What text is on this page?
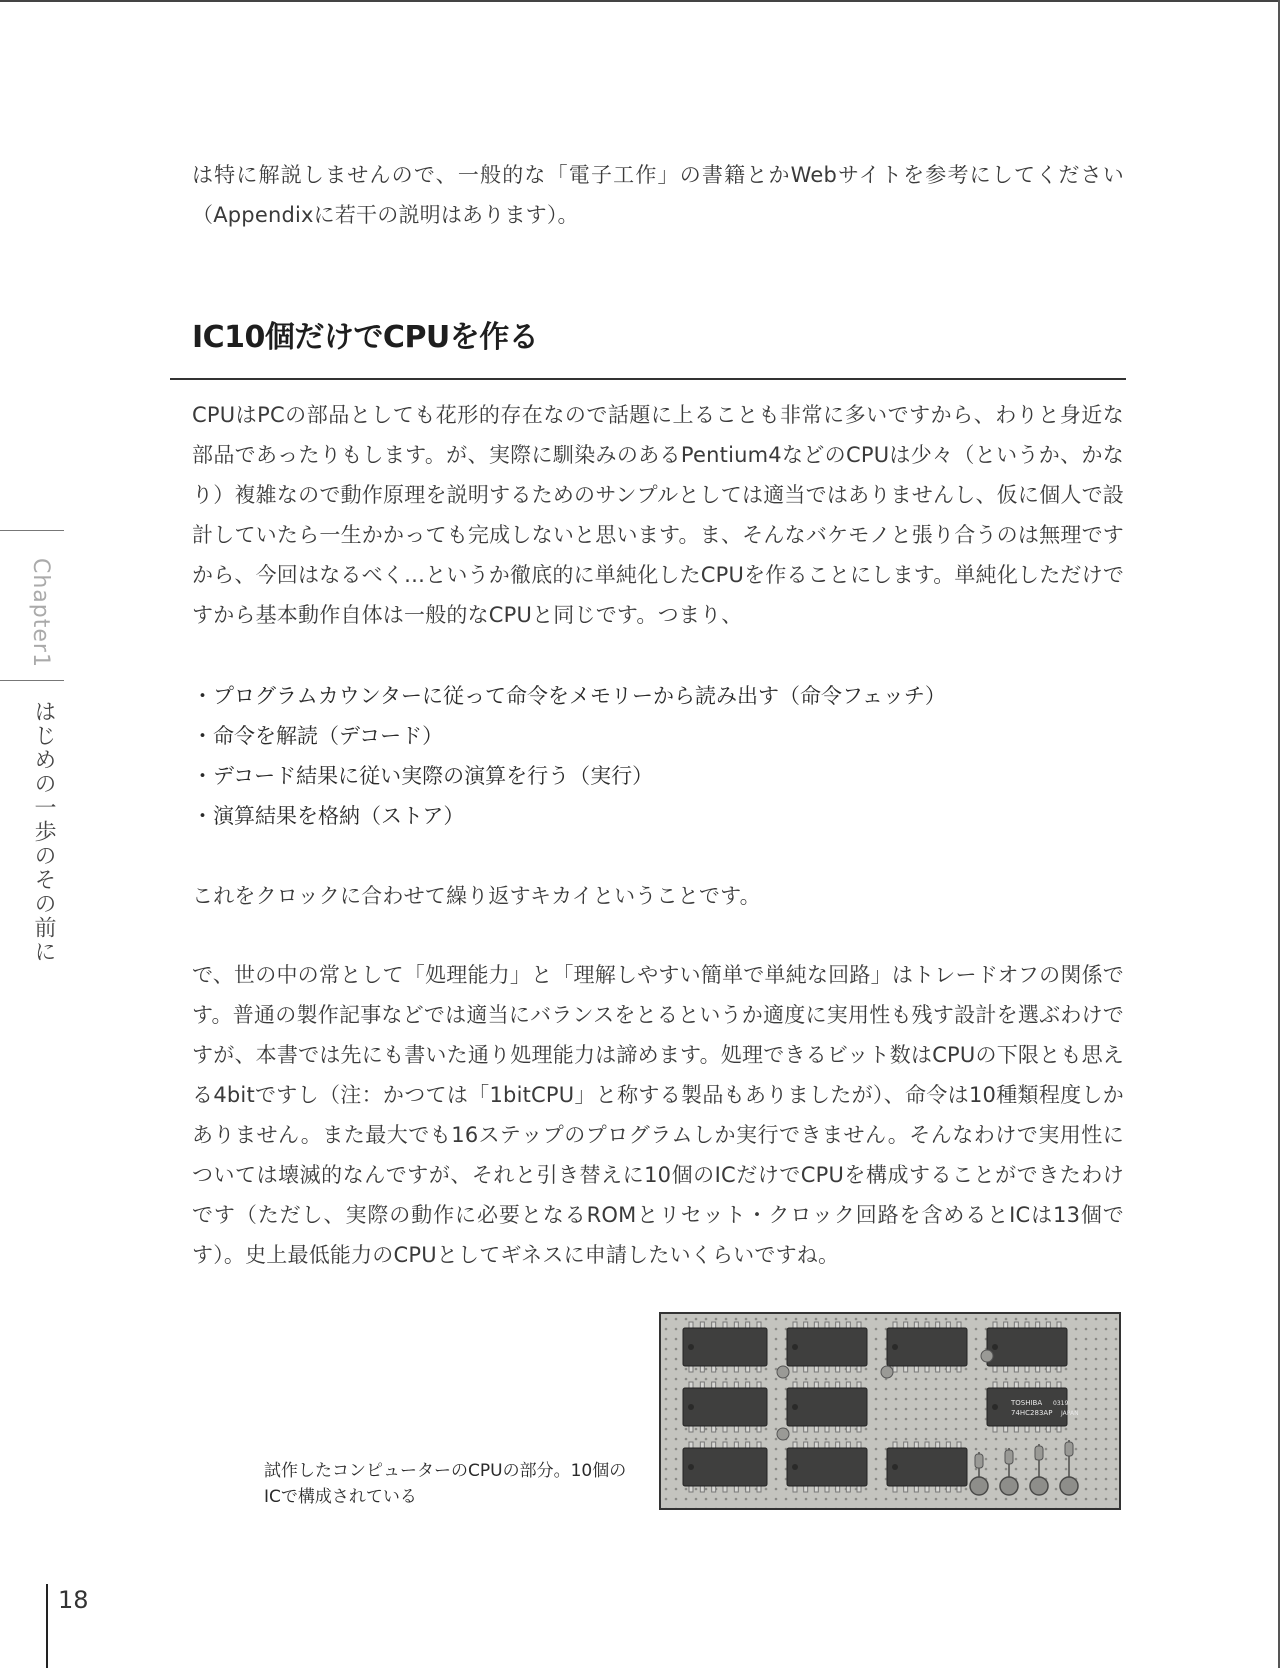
Chapter1

はじめの一歩のその前に

は特に解説しませんので、一般的な「電子工作」の書籍とかWebサイトを参考にしてください（Appendixに若干の説明はあります）。

IC10個だけでCPUを作る

CPUはPCの部品としても花形的存在なので話題に上ることも非常に多いですから、わりと身近な部品であったりもします。が、実際に馴染みのあるPentium4などのCPUは少々（というか、かなり）複雑なので動作原理を説明するためのサンプルとしては適当ではありませんし、仮に個人で設計していたら一生かかっても完成しないと思います。ま、そんなバケモノと張り合うのは無理ですから、今回はなるべく…というか徹底的に単純化したCPUを作ることにします。単純化しただけですから基本動作自体は一般的なCPUと同じです。つまり、

・プログラムカウンターに従って命令をメモリーから読み出す（命令フェッチ）
・命令を解読（デコード）
・デコード結果に従い実際の演算を行う（実行）
・演算結果を格納（ストア）

これをクロックに合わせて繰り返すキカイということです。

で、世の中の常として「処理能力」と「理解しやすい簡単で単純な回路」はトレードオフの関係です。普通の製作記事などでは適当にバランスをとるというか適度に実用性も残す設計を選ぶわけですが、本書では先にも書いた通り処理能力は諦めます。処理できるビット数はCPUの下限とも思える4bitですし（注：かつては「1bitCPU」と称する製品もありましたが）、命令は10種類程度しかありません。また最大でも16ステップのプログラムしか実行できません。そんなわけで実用性については壊滅的なんですが、それと引き替えに10個のICだけでCPUを構成することができたわけです（ただし、実際の動作に必要となるROMとリセット・クロック回路を含めるとICは13個です）。史上最低能力のCPUとしてギネスに申請したいくらいですね。

試作したコンピューターのCPUの部分。10個のICで構成されている

TOSHIBA
74HC283AP
0319
JAPAN

18
